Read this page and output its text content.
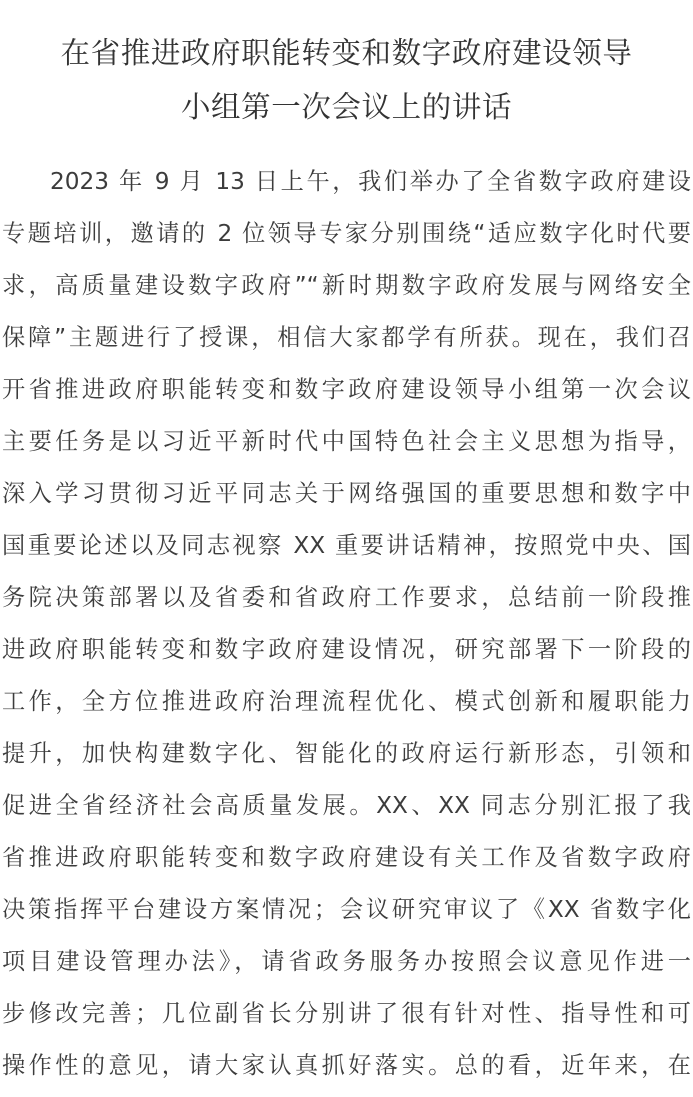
在省推进政府职能转变和数字政府建设领导
小组第一次会议上的讲话
2023 年 9 月 13 日上午，我们举办了全省数字政府建设
专题培训，邀请的 2 位领导专家分别围绕“适应数字化时代要
求，高质量建设数字政府”“新时期数字政府发展与网络安全
保障”主题进行了授课，相信大家都学有所获。现在，我们召
开省推进政府职能转变和数字政府建设领导小组第一次会议
主要任务是以习近平新时代中国特色社会主义思想为指导，
深入学习贯彻习近平同志关于网络强国的重要思想和数字中
国重要论述以及同志视察 XX 重要讲话精神，按照党中央、国
务院决策部署以及省委和省政府工作要求，总结前一阶段推
进政府职能转变和数字政府建设情况，研究部署下一阶段的
工作，全方位推进政府治理流程优化、模式创新和履职能力
提升，加快构建数字化、智能化的政府运行新形态，引领和
促进全省经济社会高质量发展。XX、XX 同志分别汇报了我
省推进政府职能转变和数字政府建设有关工作及省数字政府
决策指挥平台建设方案情况；会议研究审议了《XX 省数字化
项目建设管理办法》，请省政务服务办按照会议意见作进一
步修改完善；几位副省长分别讲了很有针对性、指导性和可
操作性的意见，请大家认真抓好落实。总的看，近年来，在
